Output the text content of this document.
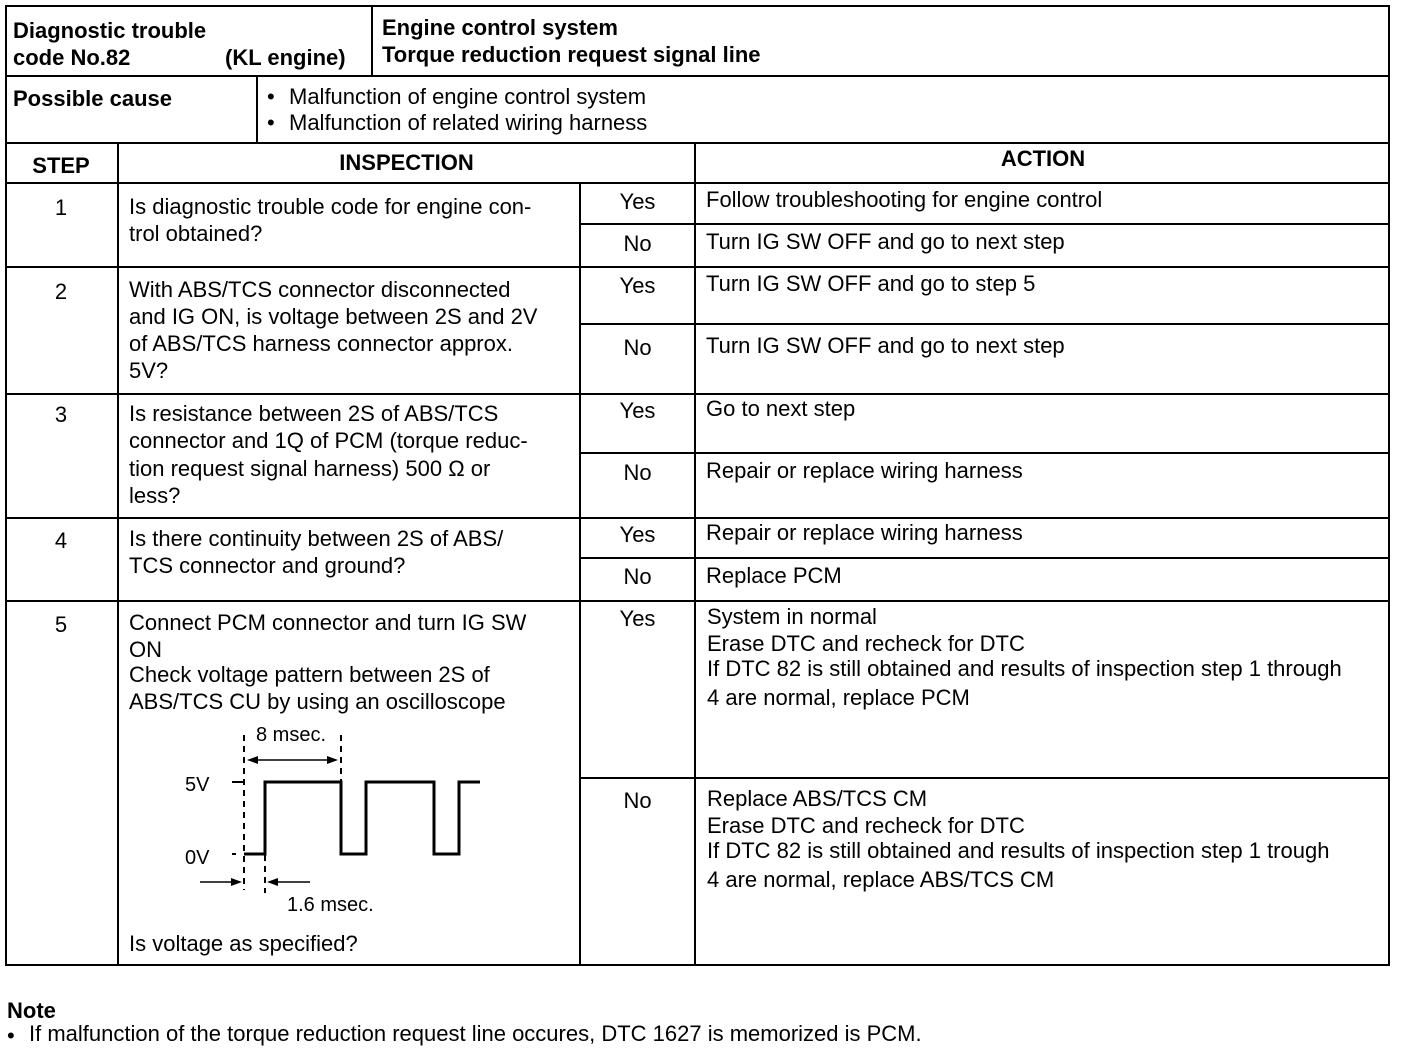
Diagnostic trouble
code No.82	(KL engine)
Engine control system
Torque reduction request signal line
Possible cause	• Malfunction of engine control system
• Malfunction of related wiring harness
STEP	INSPECTION	ACTION
1	Is diagnostic trouble code for engine con-
trol obtained?
Yes	Follow troubleshooting for engine control
No	Turn IG SW OFF and go to next step
2	With ABS/TCS connector disconnected
and IG ON, is voltage between 2S and 2V
of ABS/TCS harness connector approx.
5V?
Yes	Turn IG SW OFF and go to step 5
No	Turn IG SW OFF and go to next step
3	Is resistance between 2S of ABS/TCS
connector and 1Q of PCM (torque reduc-
tion request signal harness) 500 Ω or
less?
Yes	Go to next step
No	Repair or replace wiring harness
4	Is there continuity between 2S of ABS/
TCS connector and ground?
Yes	Repair or replace wiring harness
No	Replace PCM
5	Connect PCM connector and turn IG SW
ON
Check voltage pattern between 2S of
ABS/TCS CU by using an oscilloscope
Is voltage as specified?
Yes	System in normal
Erase DTC and recheck for DTC
If DTC 82 is still obtained and results of inspection step 1 through
4 are normal, replace PCM
No	Replace ABS/TCS CM
Erase DTC and recheck for DTC
If DTC 82 is still obtained and results of inspection step 1 trough
4 are normal, replace ABS/TCS CM
8 msec.
5V
0V
1.6 msec.
Note
• If malfunction of the torque reduction request line occures, DTC 1627 is memorized is PCM.
